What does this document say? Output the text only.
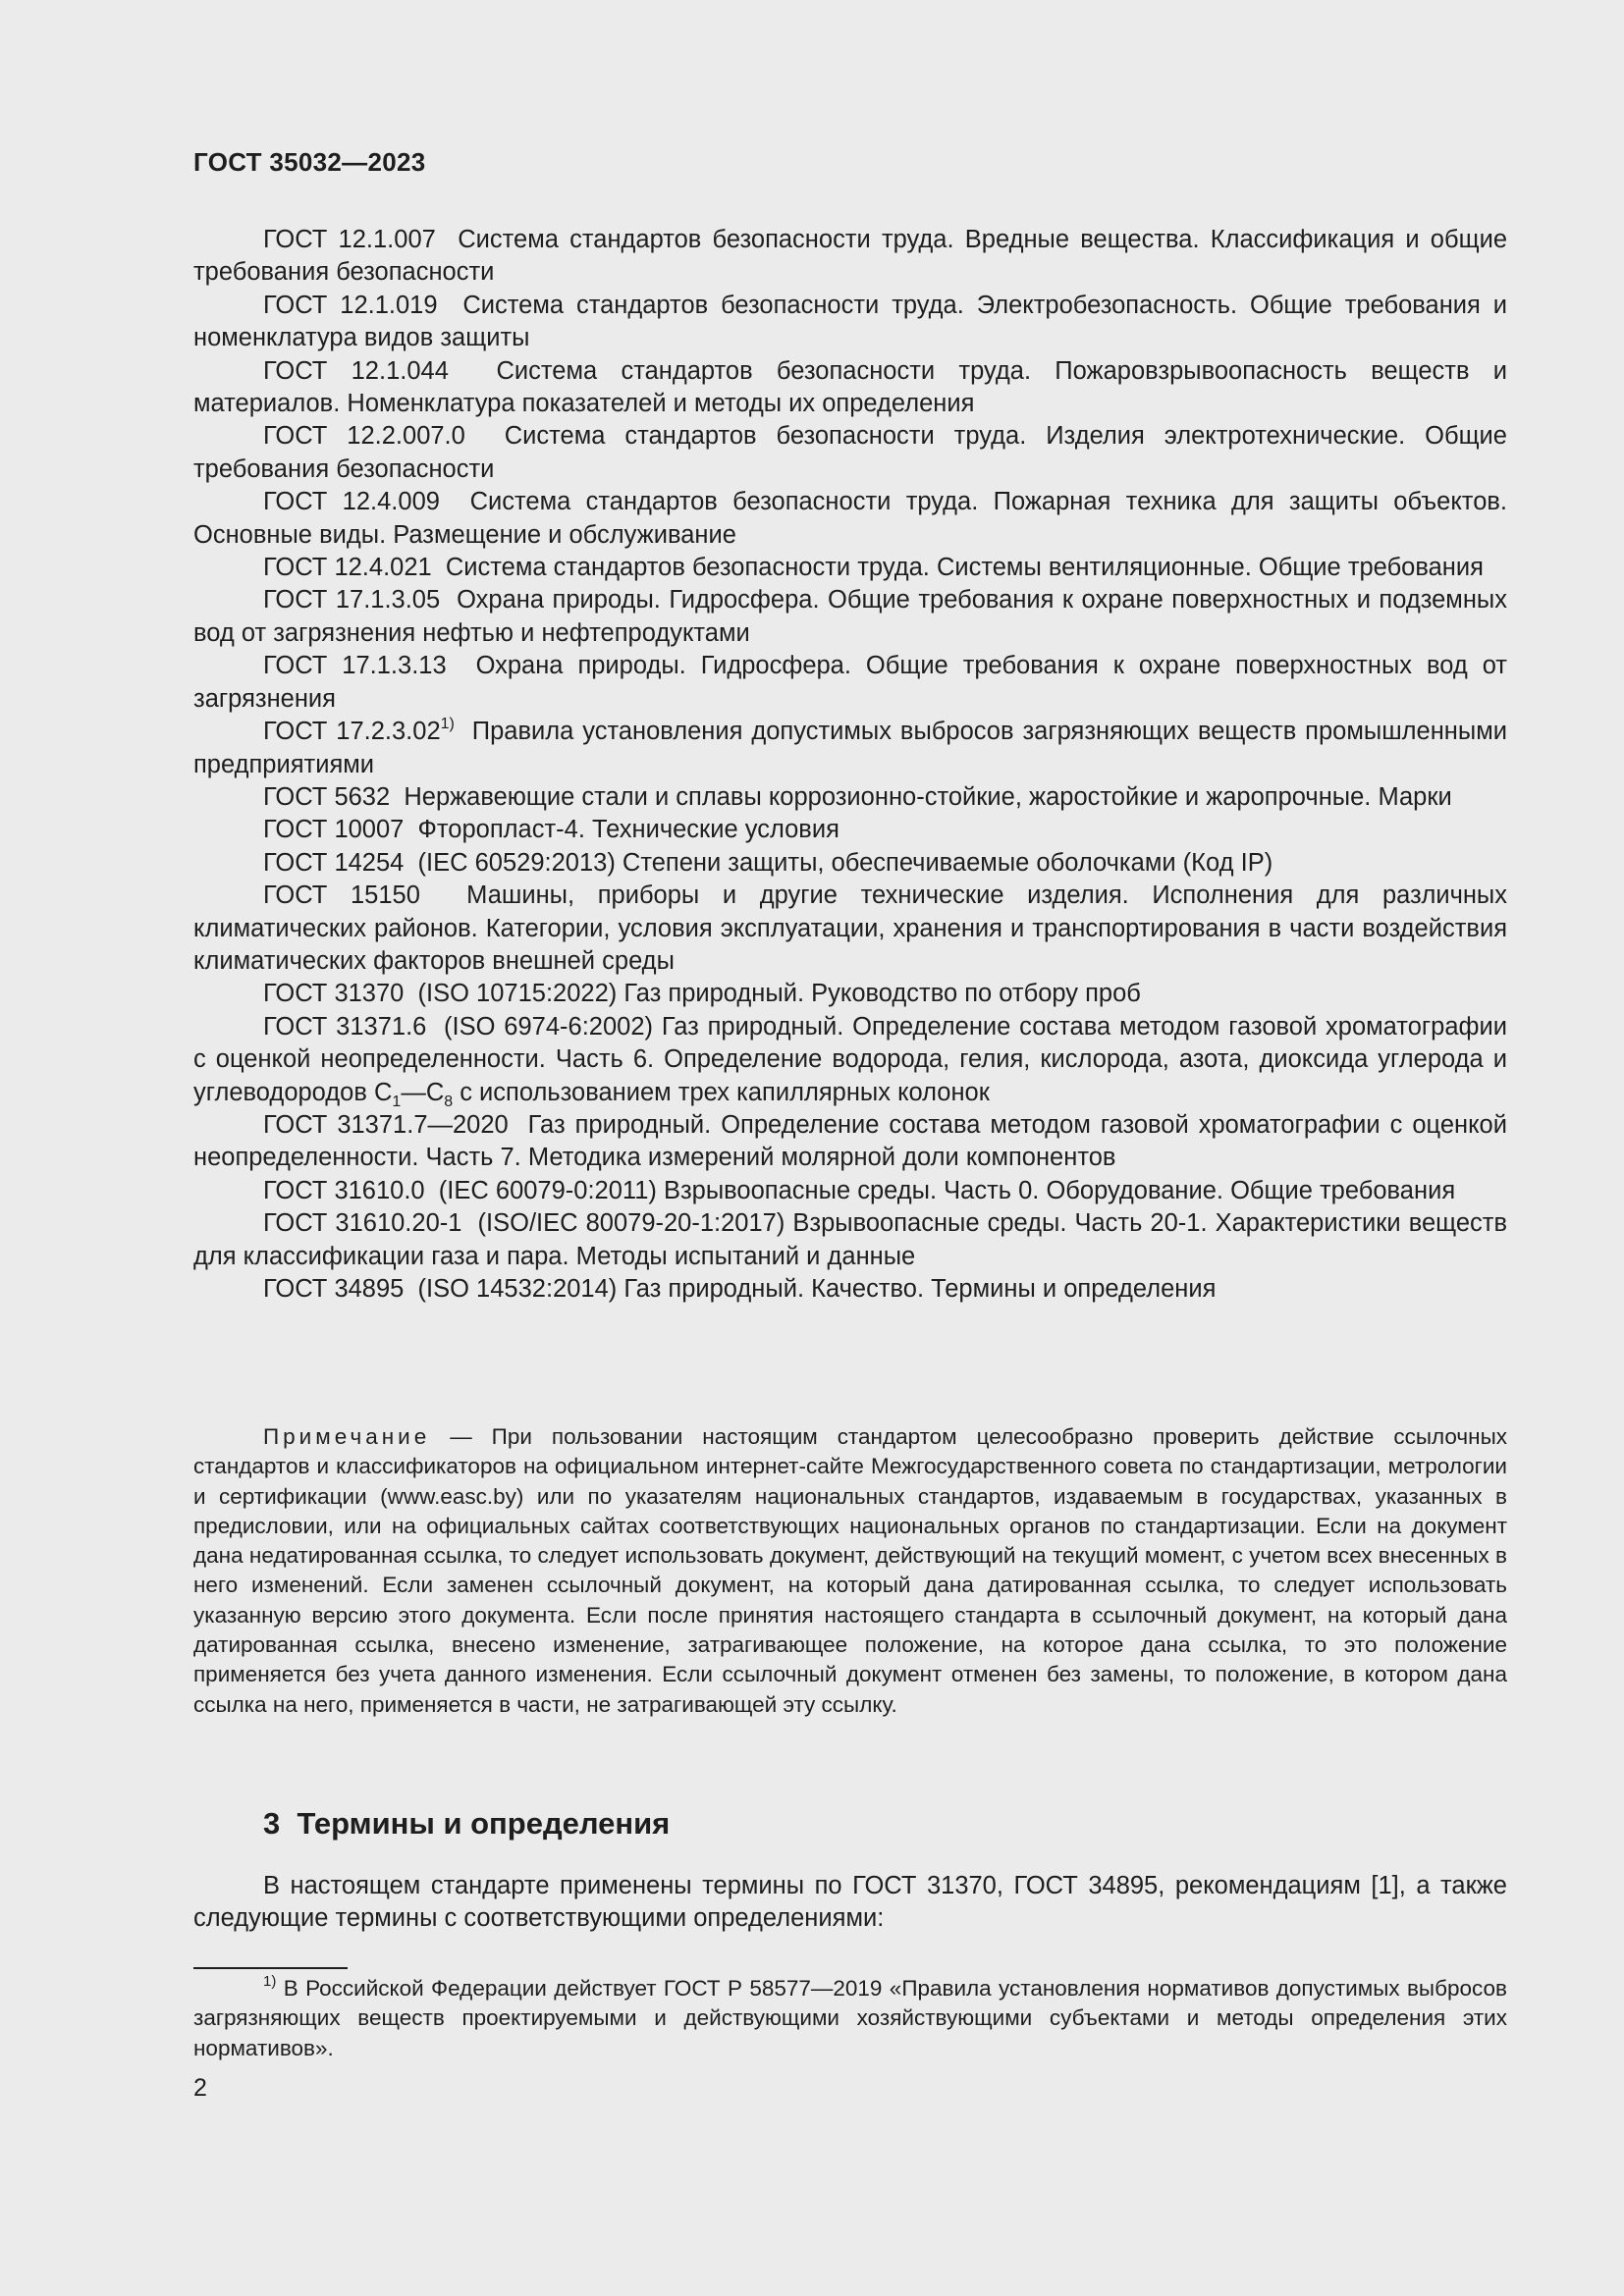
ГОСТ 35032—2023

ГОСТ 12.1.007 Система стандартов безопасности труда. Вредные вещества. Классификация и общие требования безопасности

ГОСТ 12.1.019 Система стандартов безопасности труда. Электробезопасность. Общие требования и номенклатура видов защиты

ГОСТ 12.1.044 Система стандартов безопасности труда. Пожаровзрывоопасность веществ и материалов. Номенклатура показателей и методы их определения

ГОСТ 12.2.007.0 Система стандартов безопасности труда. Изделия электротехнические. Общие требования безопасности

ГОСТ 12.4.009 Система стандартов безопасности труда. Пожарная техника для защиты объектов. Основные виды. Размещение и обслуживание

ГОСТ 12.4.021 Система стандартов безопасности труда. Системы вентиляционные. Общие требования

ГОСТ 17.1.3.05 Охрана природы. Гидросфера. Общие требования к охране поверхностных и подземных вод от загрязнения нефтью и нефтепродуктами

ГОСТ 17.1.3.13 Охрана природы. Гидросфера. Общие требования к охране поверхностных вод от загрязнения

ГОСТ 17.2.3.02$^{1)}$ Правила установления допустимых выбросов загрязняющих веществ промышленными предприятиями

ГОСТ 5632 Нержавеющие стали и сплавы коррозионно-стойкие, жаростойкие и жаропрочные. Марки

ГОСТ 10007 Фторопласт-4. Технические условия

ГОСТ 14254 (IEC 60529:2013) Степени защиты, обеспечиваемые оболочками (Код IP)

ГОСТ 15150 Машины, приборы и другие технические изделия. Исполнения для различных климатических районов. Категории, условия эксплуатации, хранения и транспортирования в части воздействия климатических факторов внешней среды

ГОСТ 31370 (ISO 10715:2022) Газ природный. Руководство по отбору проб

ГОСТ 31371.6 (ISO 6974-6:2002) Газ природный. Определение состава методом газовой хроматографии с оценкой неопределенности. Часть 6. Определение водорода, гелия, кислорода, азота, диоксида углерода и углеводородов $C_1—C_8$ с использованием трех капиллярных колонок

ГОСТ 31371.7—2020 Газ природный. Определение состава методом газовой хроматографии с оценкой неопределенности. Часть 7. Методика измерений молярной доли компонентов

ГОСТ 31610.0 (IEC 60079-0:2011) Взрывоопасные среды. Часть 0. Оборудование. Общие требования

ГОСТ 31610.20-1 (ISO/IEC 80079-20-1:2017) Взрывоопасные среды. Часть 20-1. Характеристики веществ для классификации газа и пара. Методы испытаний и данные

ГОСТ 34895 (ISO 14532:2014) Газ природный. Качество. Термины и определения

Примечание — При пользовании настоящим стандартом целесообразно проверить действие ссылочных стандартов и классификаторов на официальном интернет-сайте Межгосударственного совета по стандартизации, метрологии и сертификации (www.easc.by) или по указателям национальных стандартов, издаваемым в государствах, указанных в предисловии, или на официальных сайтах соответствующих национальных органов по стандартизации. Если на документ дана недатированная ссылка, то следует использовать документ, действующий на текущий момент, с учетом всех внесенных в него изменений. Если заменен ссылочный документ, на который дана датированная ссылка, то следует использовать указанную версию этого документа. Если после принятия настоящего стандарта в ссылочный документ, на который дана датированная ссылка, внесено изменение, затрагивающее положение, на которое дана ссылка, то это положение применяется без учета данного изменения. Если ссылочный документ отменен без замены, то положение, в котором дана ссылка на него, применяется в части, не затрагивающей эту ссылку.

3 Термины и определения

В настоящем стандарте применены термины по ГОСТ 31370, ГОСТ 34895, рекомендациям [1], а также следующие термины с соответствующими определениями:

$^{1)}$ В Российской Федерации действует ГОСТ Р 58577—2019 «Правила установления нормативов допустимых выбросов загрязняющих веществ проектируемыми и действующими хозяйствующими субъектами и методы определения этих нормативов».

2
